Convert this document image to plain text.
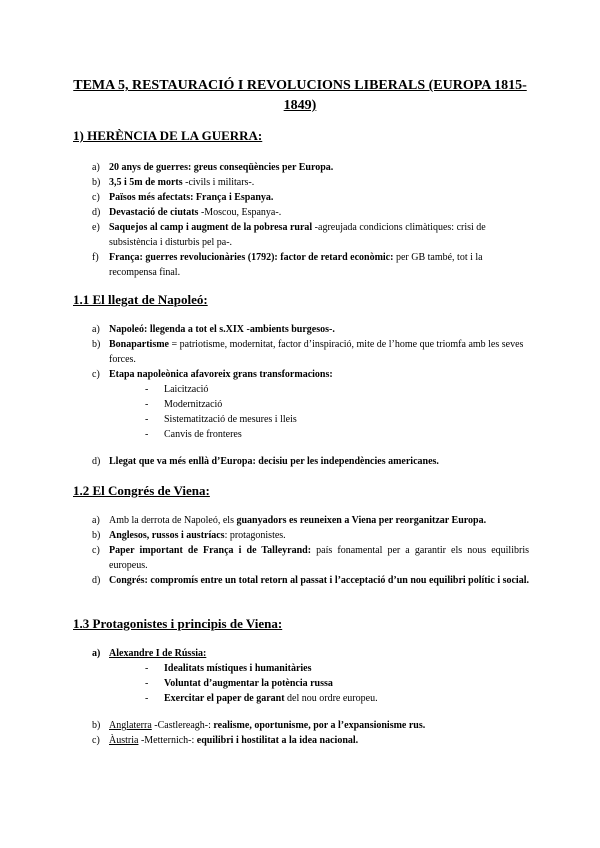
TEMA 5, RESTAURACIÓ I REVOLUCIONS LIBERALS (EUROPA 1815-1849)
1) HERÈNCIA DE LA GUERRA:
a) 20 anys de guerres: greus conseqüències per Europa.
b) 3,5 i 5m de morts -civils i militars-.
c) Països més afectats: França i Espanya.
d) Devastació de ciutats -Moscou, Espanya-.
e) Saquejos al camp i augment de la pobresa rural -agreujada condicions climàtiques: crisi de subsistència i disturbis pel pa-.
f) França: guerres revolucionàries (1792): factor de retard econòmic: per GB també, tot i la recompensa final.
1.1 El llegat de Napoleó:
a) Napoleó: llegenda a tot el s.XIX -ambients burgesos-.
b) Bonapartisme = patriotisme, modernitat, factor d’inspiració, mite de l’home que triomfa amb les seves forces.
c) Etapa napoleònica afavoreix grans transformacions:
- Laicització
- Modernització
- Sistematització de mesures i lleis
- Canvis de fronteres
d) Llegat que va més enllà d’Europa: decisiu per les independències americanes.
1.2 El Congrés de Viena:
a) Amb la derrota de Napoleó, els guanyadors es reuneixen a Viena per reorganitzar Europa.
b) Anglesos, russos i austríacs: protagonistes.
c) Paper important de França i de Talleyrand: país fonamental per a garantir els nous equilibris europeus.
d) Congrés: compromís entre un total retorn al passat i l’acceptació d’un nou equilibri polític i social.
1.3 Protagonistes i principis de Viena:
a) Alexandre I de Rússia:
- Idealitats místiques i humanitàries
- Voluntat d’augmentar la potència russa
- Exercitar el paper de garant del nou ordre europeu.
b) Anglaterra -Castlereagh-: realisme, oportunisme, por a l’expansionisme rus.
c) Àustria -Metternich-: equilibri i hostilitat a la idea nacional.
